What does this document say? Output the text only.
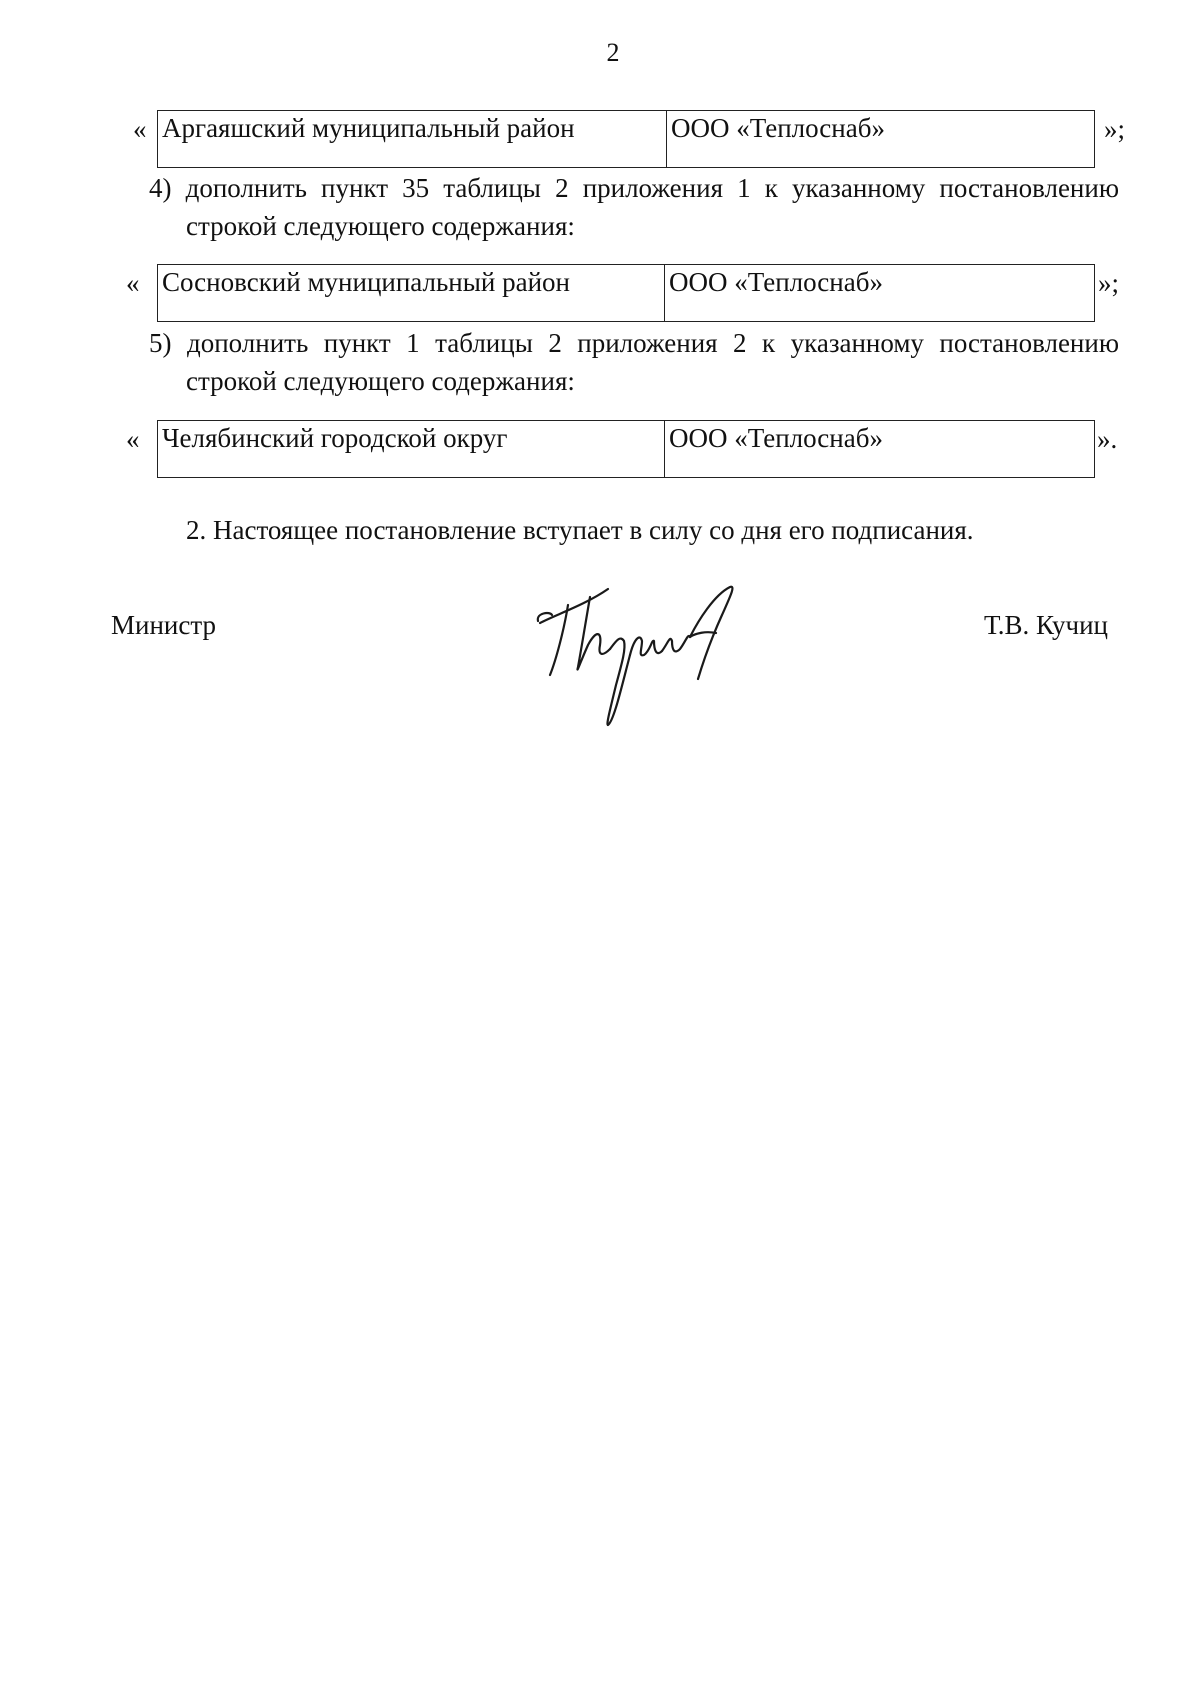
2
« Аргаяшский муниципальный район	ООО «Теплоснаб»	»;
4) дополнить пункт 35 таблицы 2 приложения 1 к указанному постановлению
строкой следующего содержания:
« Сосновский муниципальный район	ООО «Теплоснаб»	»;
5) дополнить пункт 1 таблицы 2 приложения 2 к указанному постановлению
строкой следующего содержания:
« Челябинский городской округ	ООО «Теплоснаб»	».
2. Настоящее постановление вступает в силу со дня его подписания.
Министр	Т.В. Кучиц
